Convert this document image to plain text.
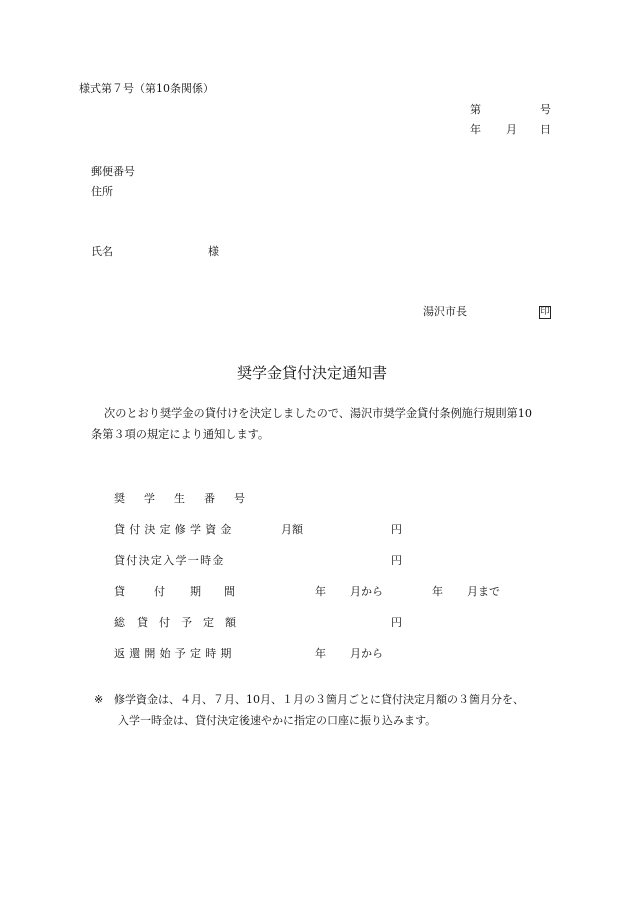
様式第７号（第10条関係）
第	号
年 月 日
郵便番号
住所
氏名	様
湯沢市長	印
奨学金貸付決定通知書
次のとおり奨学金の貸付けを決定しましたので、湯沢市奨学金貸付条例施行規則第10
条第３項の規定により通知します。
奨 学 生 番 号
貸付決定修学資金	月額	円
貸付決定入学一時金	円
貸	付 期 間	年 月から	年 月まで
総 貸 付 予 定 額	円
返還開始予定時期	年 月から
※ 修学資金は、４月、７月、10月、１月の３箇月ごとに貸付決定月額の３箇月分を、
入学一時金は、貸付決定後速やかに指定の口座に振り込みます。
